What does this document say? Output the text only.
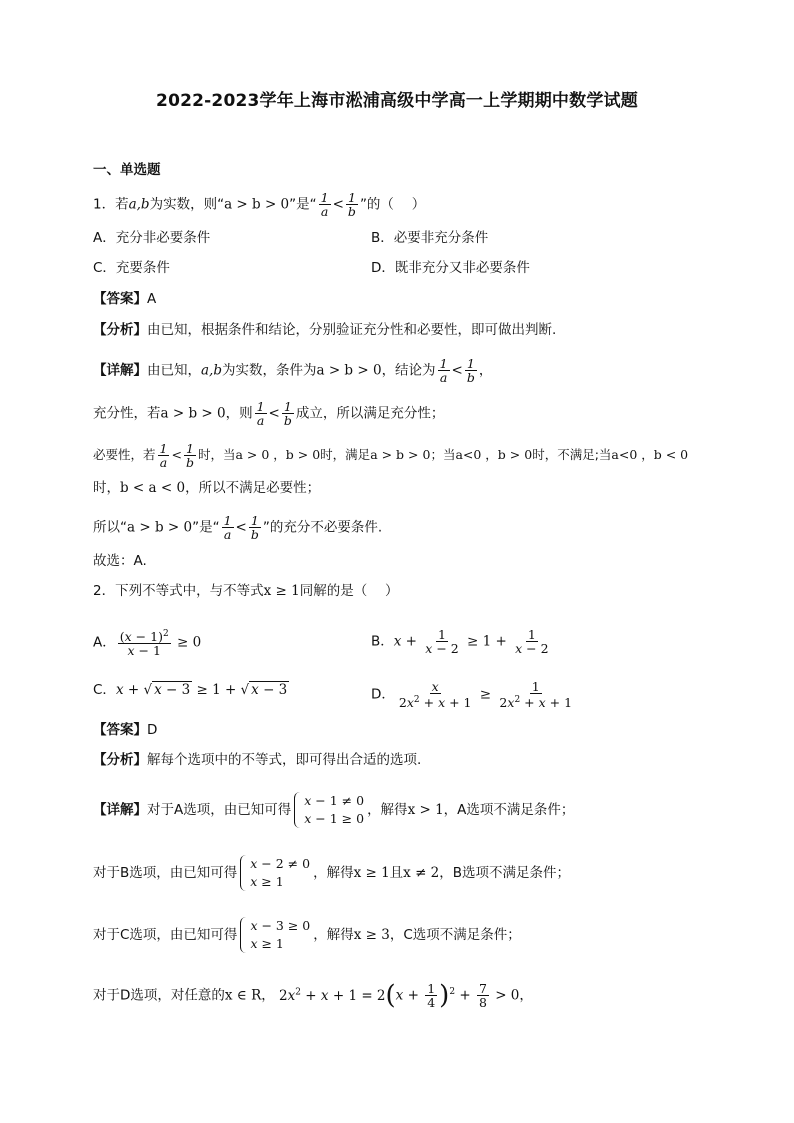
2022-2023学年上海市淞浦高级中学高一上学期期中数学试题
一、单选题
1．若a,b为实数，则“a > b > 0”是“ $\frac{1}{a} < \frac{1}{b}$ ”的（　 ）
A．充分非必要条件	B．必要非充分条件
C．充要条件	D．既非充分又非必要条件
【答案】A
【分析】由已知，根据条件和结论，分别验证充分性和必要性，即可做出判断.
【详解】由已知，a,b为实数，条件为a > b > 0，结论为 $\frac{1}{a} < \frac{1}{b}$ ，
充分性，若a > b > 0，则 $\frac{1}{a} < \frac{1}{b}$ 成立，所以满足充分性；
必要性，若 $\frac{1}{a} < \frac{1}{b}$ 时，当a > 0 ，b > 0时，满足a > b > 0；当a<0 ，b > 0时，不满足;当a<0 ，b < 0
时，b < a < 0，所以不满足必要性；
所以“a > b > 0”是“ $\frac{1}{a} < \frac{1}{b}$ ”的充分不必要条件.
故选：A.
2．下列不等式中，与不等式x ≥ 1同解的是（　 ）
A． $\frac{(x - 1)^2}{x - 1} \ge 0$	B．$x + \frac{1}{x - 2} \ge 1 + \frac{1}{x - 2}$
C．x + √ x − 3 ≥ 1 + √ x − 3	D． $\frac{x}{2x^2 + x + 1} \ge \frac{1}{2x^2 + x + 1}$
【答案】D
【分析】解每个选项中的不等式，即可得出合适的选项.
【详解】对于A选项，由已知可得
x − 1 ≠ 0
x − 1 ≥ 0
，解得x > 1，A选项不满足条件；
对于B选项，由已知可得
x − 2 ≠ 0
x ≥ 1
，解得x ≥ 1且x ≠ 2，B选项不满足条件；
对于C选项，由已知可得
x − 3 ≥ 0
x ≥ 1
，解得x ≥ 3，C选项不满足条件；
对于D选项，对任意的x ∈ R， $2x^2 + x + 1 = 2(x + \frac{1}{4} )^2 + \frac{7}{8} > 0$，
